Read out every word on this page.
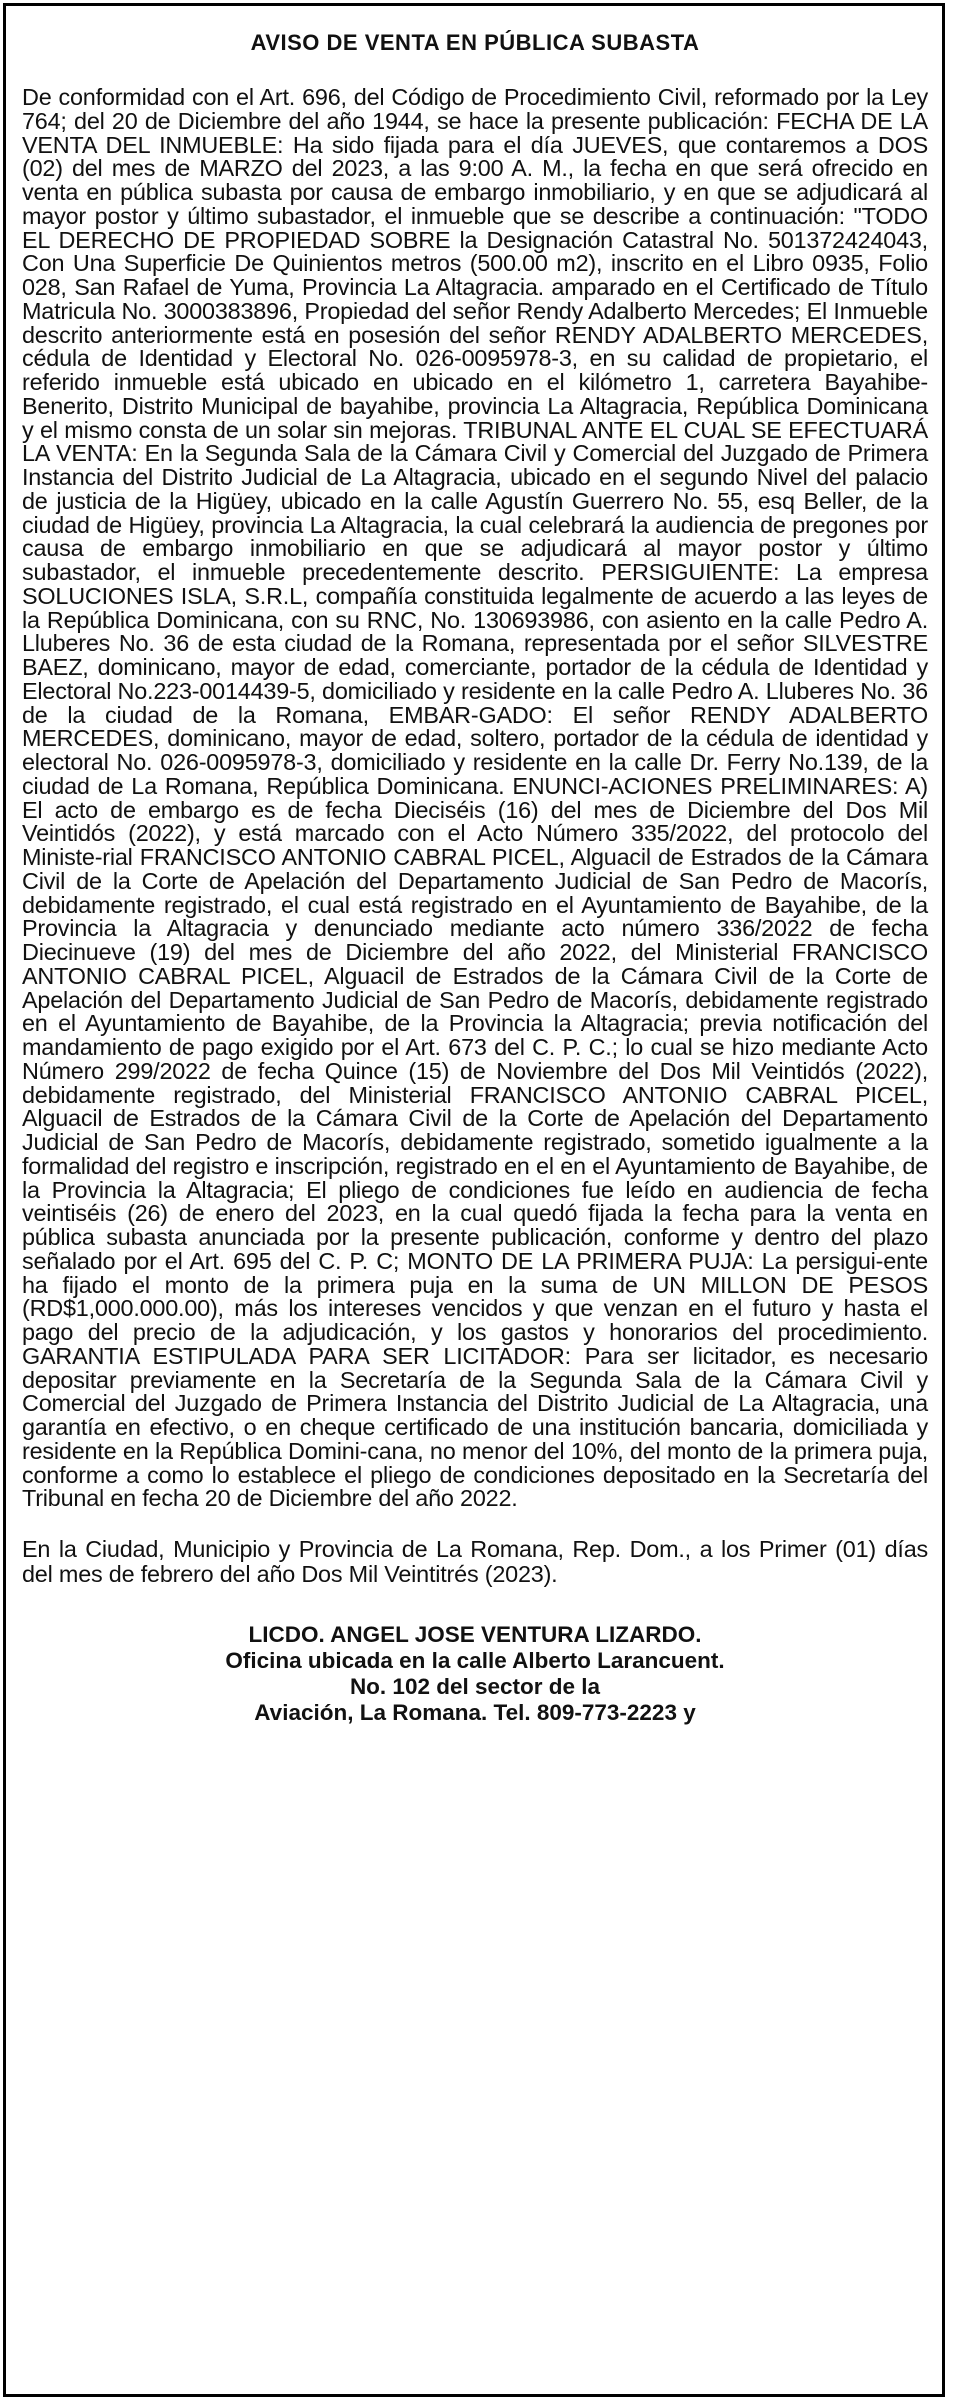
AVISO DE VENTA EN PÚBLICA SUBASTA

De conformidad con el Art. 696, del Código de Procedimiento Civil, reformado por la Ley 764; del 20 de Diciembre del año 1944, se hace la presente publicación: FECHA DE LA VENTA DEL INMUEBLE: Ha sido fijada para el día JUEVES, que contaremos a DOS (02) del mes de MARZO del 2023, a las 9:00 A. M., la fecha en que será ofrecido en venta en pública subasta por causa de embargo inmobiliario, y en que se adjudicará al mayor postor y último subastador, el inmueble que se describe a continuación: "TODO EL DERECHO DE PROPIEDAD SOBRE la Designación Catastral No. 501372424043, Con Una Superficie De Quinientos metros (500.00 m2), inscrito en el Libro 0935, Folio 028, San Rafael de Yuma, Provincia La Altagracia. amparado en el Certificado de Título Matricula No. 3000383896, Propiedad del señor Rendy Adalberto Mercedes; El Inmueble descrito anteriormente está en posesión del señor RENDY ADALBERTO MERCEDES, cédula de Identidad y Electoral No. 026-0095978-3, en su calidad de propietario, el referido inmueble está ubicado en ubicado en el kilómetro 1, carretera Bayahibe-Benerito, Distrito Municipal de bayahibe, provincia La Altagracia, República Dominicana y el mismo consta de un solar sin mejoras. TRIBUNAL ANTE EL CUAL SE EFECTUARÁ LA VENTA: En la Segunda Sala de la Cámara Civil y Comercial del Juzgado de Primera Instancia del Distrito Judicial de La Altagracia, ubicado en el segundo Nivel del palacio de justicia de la Higüey, ubicado en la calle Agustín Guerrero No. 55, esq Beller, de la ciudad de Higüey, provincia La Altagracia, la cual celebrará la audiencia de pregones por causa de embargo inmobiliario en que se adjudicará al mayor postor y último subastador, el inmueble precedentemente descrito. PERSIGUIENTE: La empresa SOLUCIONES ISLA, S.R.L, compañía constituida legalmente de acuerdo a las leyes de la República Dominicana, con su RNC, No. 130693986, con asiento en la calle Pedro A. Lluberes No. 36 de esta ciudad de la Romana, representada por el señor SILVESTRE BAEZ, dominicano, mayor de edad, comerciante, portador de la cédula de Identidad y Electoral No.223-0014439-5, domiciliado y residente en la calle Pedro A. Lluberes No. 36 de la ciudad de la Romana, EMBAR-GADO: El señor RENDY ADALBERTO MERCEDES, dominicano, mayor de edad, soltero, portador de la cédula de identidad y electoral No. 026-0095978-3, domiciliado y residente en la calle Dr. Ferry No.139, de la ciudad de La Romana, República Dominicana. ENUNCI-ACIONES PRELIMINARES: A) El acto de embargo es de fecha Dieciséis (16) del mes de Diciembre del Dos Mil Veintidós (2022), y está marcado con el Acto Número 335/2022, del protocolo del Ministe-rial FRANCISCO ANTONIO CABRAL PICEL, Alguacil de Estrados de la Cámara Civil de la Corte de Apelación del Departamento Judicial de San Pedro de Macorís, debidamente registrado, el cual está registrado en el Ayuntamiento de Bayahibe, de la Provincia la Altagracia y denunciado mediante acto número 336/2022 de fecha Diecinueve (19) del mes de Diciembre del año 2022, del Ministerial FRANCISCO ANTONIO CABRAL PICEL, Alguacil de Estrados de la Cámara Civil de la Corte de Apelación del Departamento Judicial de San Pedro de Macorís, debidamente registrado en el Ayuntamiento de Bayahibe, de la Provincia la Altagracia; previa notificación del mandamiento de pago exigido por el Art. 673 del C. P. C.; lo cual se hizo mediante Acto Número 299/2022 de fecha Quince (15) de Noviembre del Dos Mil Veintidós (2022), debidamente registrado, del Ministerial FRANCISCO ANTONIO CABRAL PICEL, Alguacil de Estrados de la Cámara Civil de la Corte de Apelación del Departamento Judicial de San Pedro de Macorís, debidamente registrado, sometido igualmente a la formalidad del registro e inscripción, registrado en el en el Ayuntamiento de Bayahibe, de la Provincia la Altagracia; El pliego de condiciones fue leído en audiencia de fecha veintiséis (26) de enero del 2023, en la cual quedó fijada la fecha para la venta en pública subasta anunciada por la presente publicación, conforme y dentro del plazo señalado por el Art. 695 del C. P. C; MONTO DE LA PRIMERA PUJA: La persigui-ente ha fijado el monto de la primera puja en la suma de UN MILLON DE PESOS (RD$1,000.000.00), más los intereses vencidos y que venzan en el futuro y hasta el pago del precio de la adjudicación, y los gastos y honorarios del procedimiento. GARANTIA ESTIPULADA PARA SER LICITADOR: Para ser licitador, es necesario depositar previamente en la Secretaría de la Segunda Sala de la Cámara Civil y Comercial del Juzgado de Primera Instancia del Distrito Judicial de La Altagracia, una garantía en efectivo, o en cheque certificado de una institución bancaria, domiciliada y residente en la República Domini-cana, no menor del 10%, del monto de la primera puja, conforme a como lo establece el pliego de condiciones depositado en la Secretaría del Tribunal en fecha 20 de Diciembre del año 2022.

En la Ciudad, Municipio y Provincia de La Romana, Rep. Dom., a los Primer (01) días del mes de febrero del año Dos Mil Veintitrés (2023).

LICDO. ANGEL JOSE VENTURA LIZARDO.
Oficina ubicada en la calle Alberto Larancuent.
No. 102 del sector de la
Aviación, La Romana. Tel. 809-773-2223 y
